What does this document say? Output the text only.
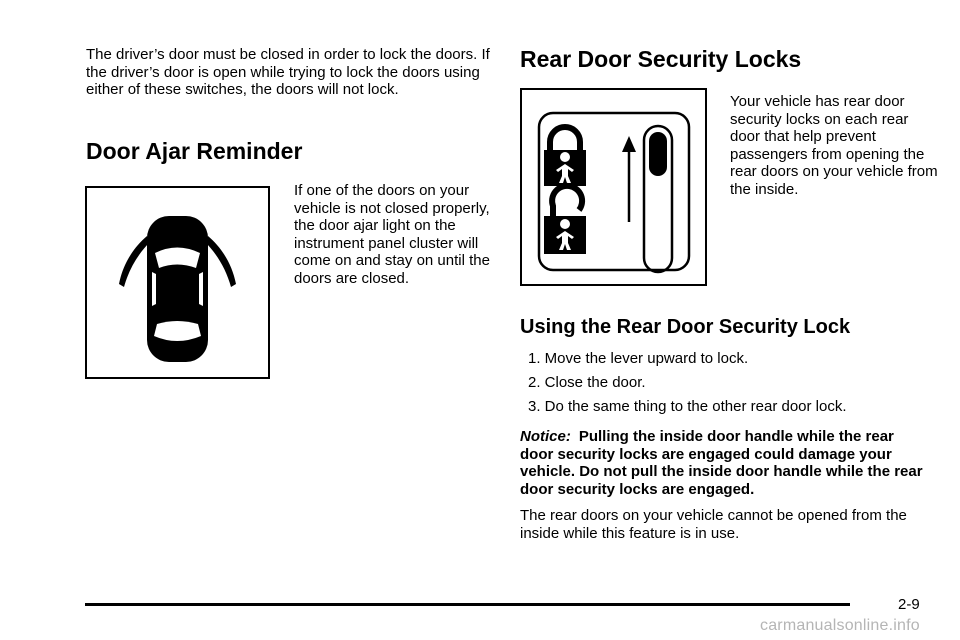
The driver’s door must be closed in order to lock the doors. If the driver’s door is open while trying to lock the doors using either of these switches, the doors will not lock.

Door Ajar Reminder

If one of the doors on your vehicle is not closed properly, the door ajar light on the instrument panel cluster will come on and stay on until the doors are closed.

Rear Door Security Locks

Your vehicle has rear door security locks on each rear door that help prevent passengers from opening the rear doors on your vehicle from the inside.

Using the Rear Door Security Lock
1. Move the lever upward to lock.
2. Close the door.
3. Do the same thing to the other rear door lock.

Notice: Pulling the inside door handle while the rear door security locks are engaged could damage your vehicle. Do not pull the inside door handle while the rear door security locks are engaged.

The rear doors on your vehicle cannot be opened from the inside while this feature is in use.

2-9
carmanualsonline.info
